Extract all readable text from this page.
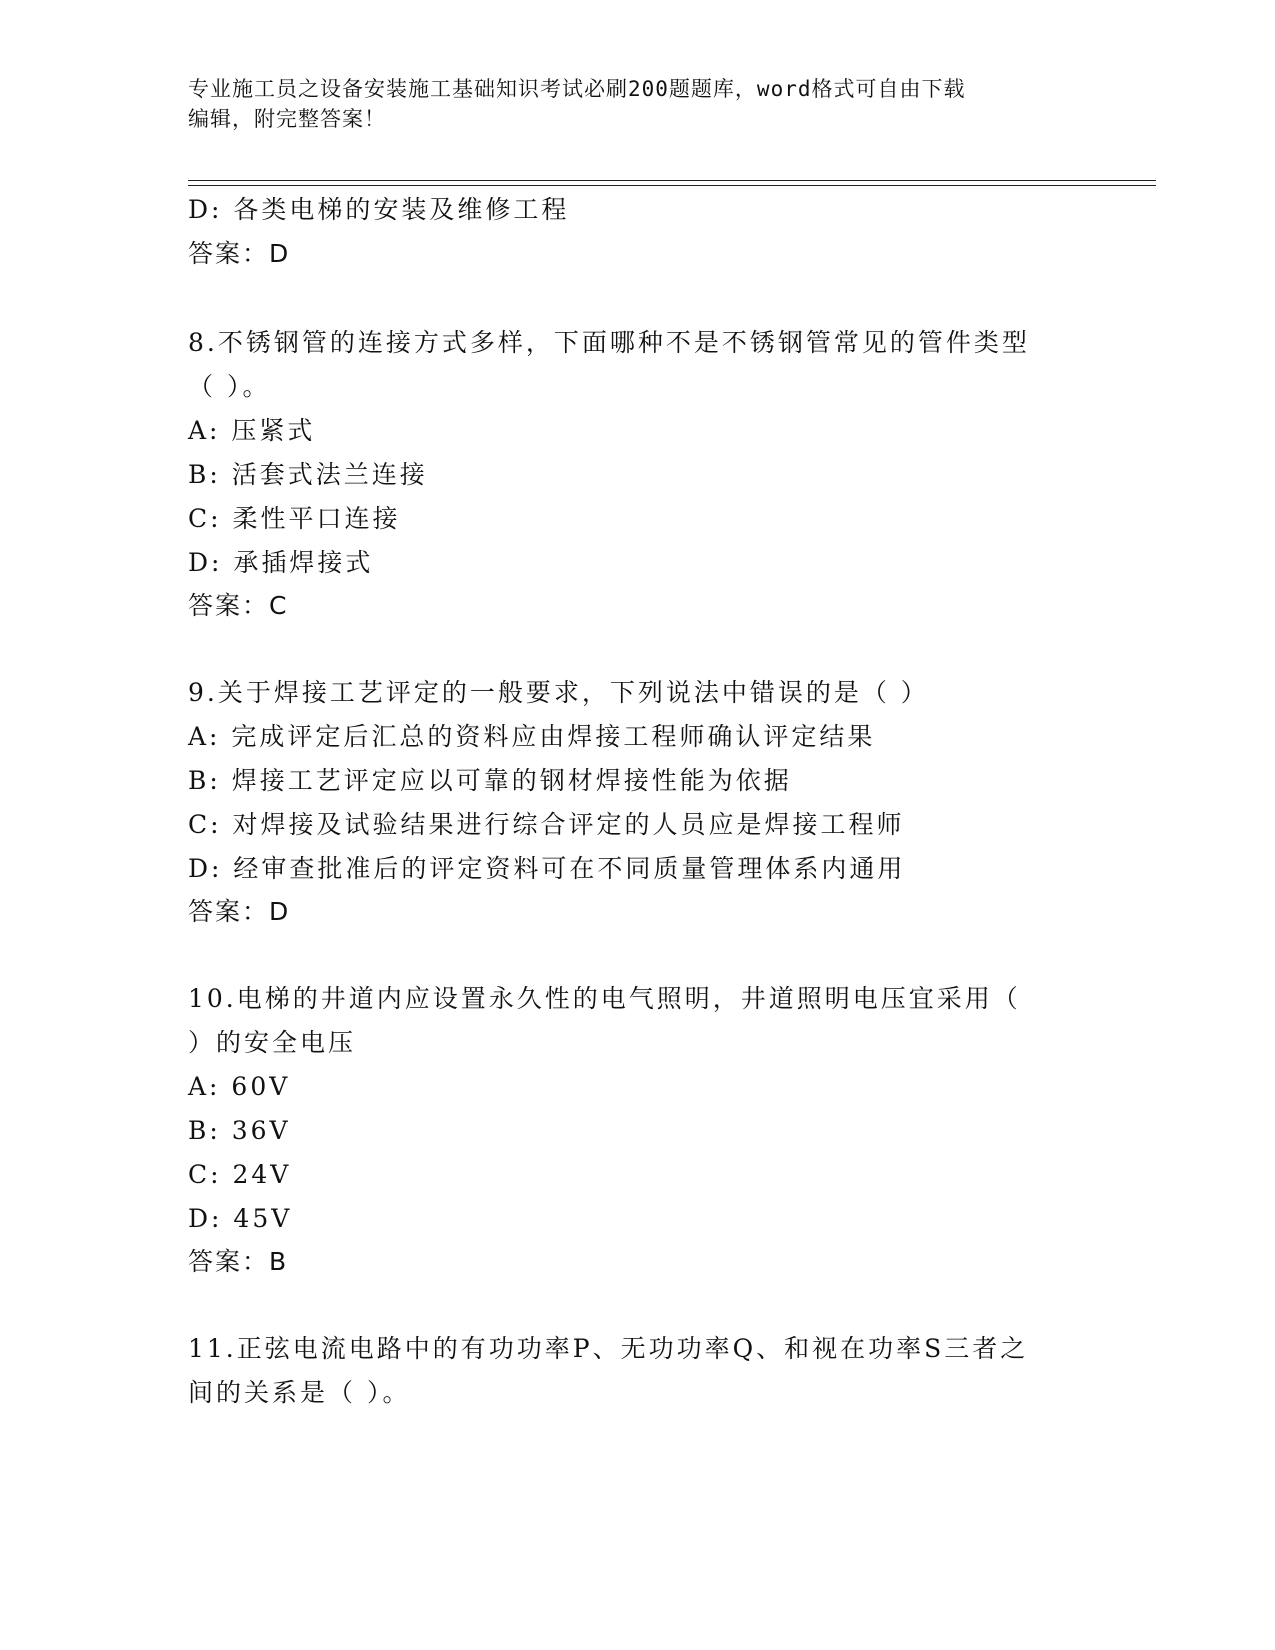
专业施工员之设备安装施工基础知识考试必刷200题题库，word格式可自由下载
编辑，附完整答案！
D: 各类电梯的安装及维修工程
答案：D
8.不锈钢管的连接方式多样，下面哪种不是不锈钢管常见的管件类型
（ ）。
A: 压紧式
B: 活套式法兰连接
C: 柔性平口连接
D: 承插焊接式
答案：C
9.关于焊接工艺评定的一般要求，下列说法中错误的是（ ）
A: 完成评定后汇总的资料应由焊接工程师确认评定结果
B: 焊接工艺评定应以可靠的钢材焊接性能为依据
C: 对焊接及试验结果进行综合评定的人员应是焊接工程师
D: 经审查批准后的评定资料可在不同质量管理体系内通用
答案：D
10.电梯的井道内应设置永久性的电气照明，井道照明电压宜采用（
）的安全电压
A: 60V
B: 36V
C: 24V
D: 45V
答案：B
11.正弦电流电路中的有功功率P、无功功率Q、和视在功率S三者之
间的关系是（ ）。
